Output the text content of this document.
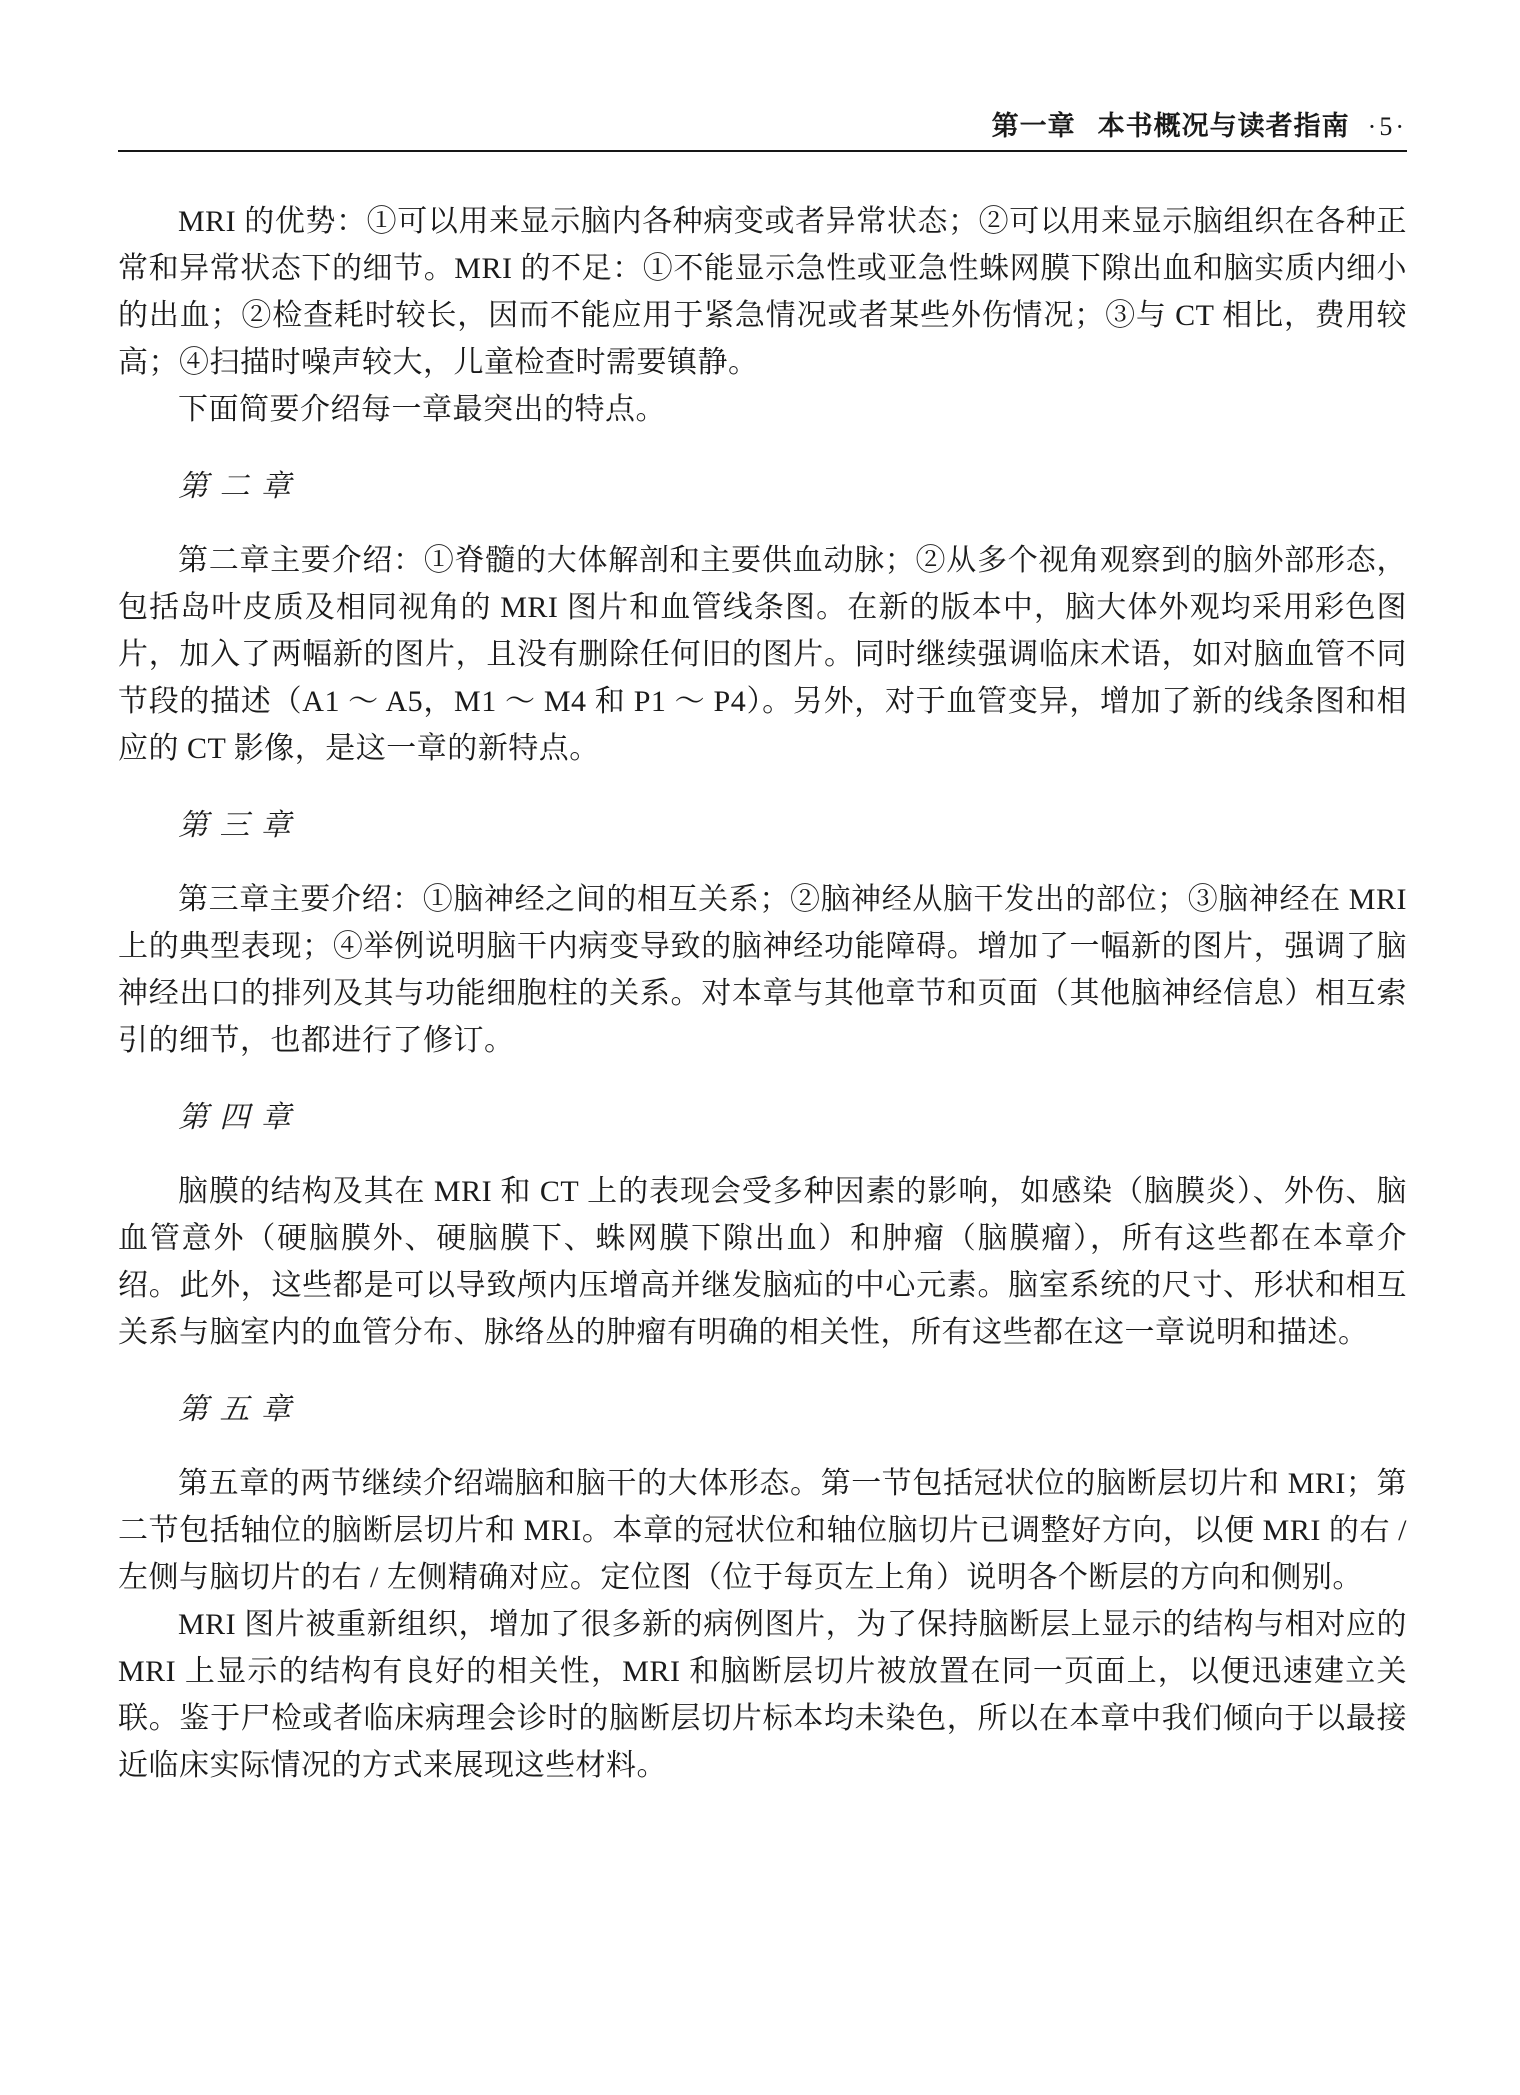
第一章 本书概况与读者指南 ·5·

MRI 的优势：①可以用来显示脑内各种病变或者异常状态；②可以用来显示脑组织在各种正常和异常状态下的细节。MRI 的不足：①不能显示急性或亚急性蛛网膜下隙出血和脑实质内细小的出血；②检查耗时较长，因而不能应用于紧急情况或者某些外伤情况；③与 CT 相比，费用较高；④扫描时噪声较大，儿童检查时需要镇静。

下面简要介绍每一章最突出的特点。

第 二 章

第二章主要介绍：①脊髓的大体解剖和主要供血动脉；②从多个视角观察到的脑外部形态，包括岛叶皮质及相同视角的 MRI 图片和血管线条图。在新的版本中，脑大体外观均采用彩色图片，加入了两幅新的图片，且没有删除任何旧的图片。同时继续强调临床术语，如对脑血管不同节段的描述（A1 ～ A5，M1 ～ M4 和 P1 ～ P4）。另外，对于血管变异，增加了新的线条图和相应的 CT 影像，是这一章的新特点。

第 三 章

第三章主要介绍：①脑神经之间的相互关系；②脑神经从脑干发出的部位；③脑神经在 MRI 上的典型表现；④举例说明脑干内病变导致的脑神经功能障碍。增加了一幅新的图片，强调了脑神经出口的排列及其与功能细胞柱的关系。对本章与其他章节和页面（其他脑神经信息）相互索引的细节，也都进行了修订。

第 四 章

脑膜的结构及其在 MRI 和 CT 上的表现会受多种因素的影响，如感染（脑膜炎）、外伤、脑血管意外（硬脑膜外、硬脑膜下、蛛网膜下隙出血）和肿瘤（脑膜瘤），所有这些都在本章介绍。此外，这些都是可以导致颅内压增高并继发脑疝的中心元素。脑室系统的尺寸、形状和相互关系与脑室内的血管分布、脉络丛的肿瘤有明确的相关性，所有这些都在这一章说明和描述。

第 五 章

第五章的两节继续介绍端脑和脑干的大体形态。第一节包括冠状位的脑断层切片和 MRI；第二节包括轴位的脑断层切片和 MRI。本章的冠状位和轴位脑切片已调整好方向，以便 MRI 的右 / 左侧与脑切片的右 / 左侧精确对应。定位图（位于每页左上角）说明各个断层的方向和侧别。

MRI 图片被重新组织，增加了很多新的病例图片，为了保持脑断层上显示的结构与相对应的 MRI 上显示的结构有良好的相关性，MRI 和脑断层切片被放置在同一页面上，以便迅速建立关联。鉴于尸检或者临床病理会诊时的脑断层切片标本均未染色，所以在本章中我们倾向于以最接近临床实际情况的方式来展现这些材料。
